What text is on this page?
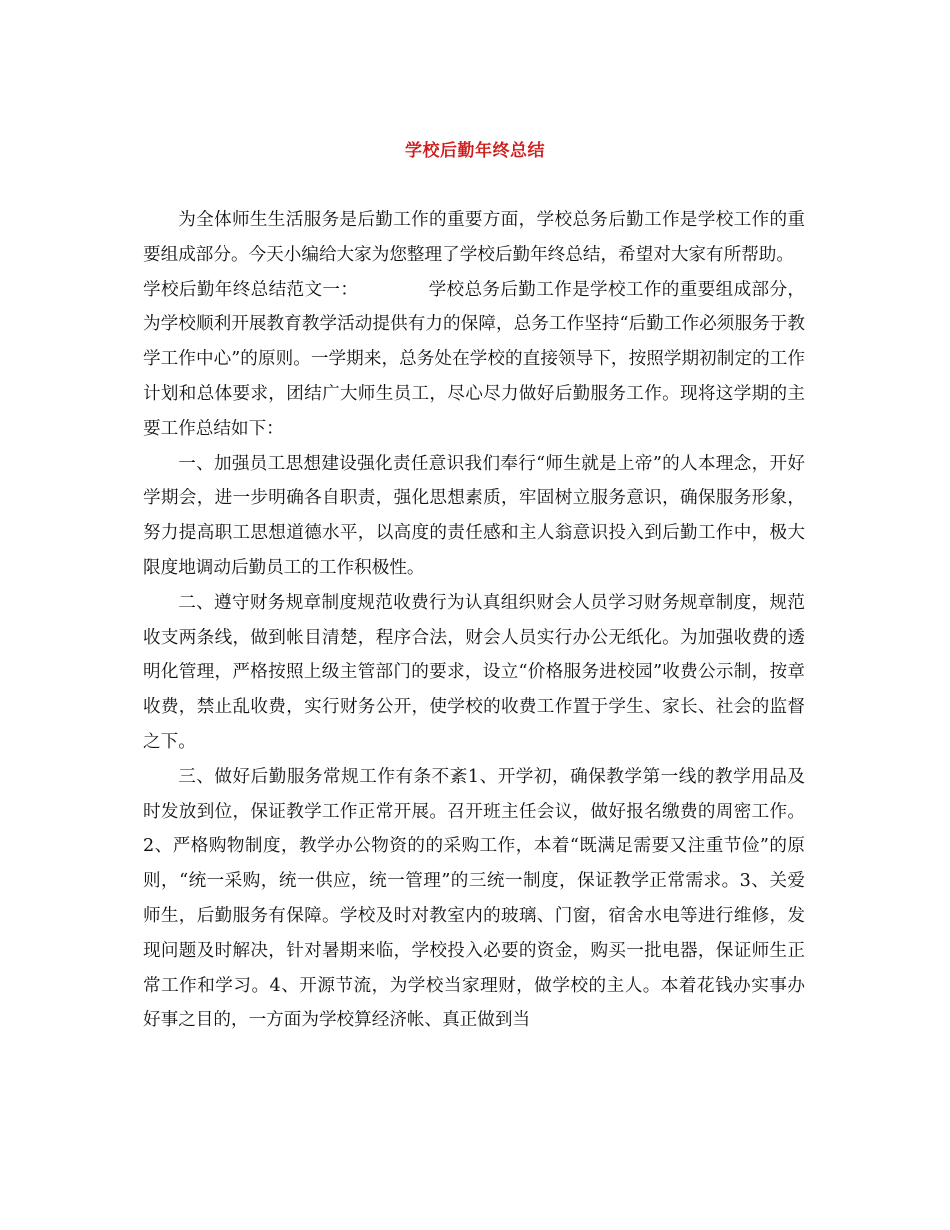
学校后勤年终总结

为全体师生生活服务是后勤工作的重要方面，学校总务后勤工作是学校工作的重要组成部分。今天小编给大家为您整理了学校后勤年终总结，希望对大家有所帮助。

学校后勤年终总结范文一：	学校总务后勤工作是学校工作的重要组成部分，为学校顺利开展教育教学活动提供有力的保障，总务工作坚持“后勤工作必须服务于教学工作中心”的原则。一学期来，总务处在学校的直接领导下，按照学期初制定的工作计划和总体要求，团结广大师生员工，尽心尽力做好后勤服务工作。现将这学期的主要工作总结如下：

一、加强员工思想建设强化责任意识我们奉行“师生就是上帝”的人本理念，开好学期会，进一步明确各自职责，强化思想素质，牢固树立服务意识，确保服务形象，努力提高职工思想道德水平，以高度的责任感和主人翁意识投入到后勤工作中，极大限度地调动后勤员工的工作积极性。

二、遵守财务规章制度规范收费行为认真组织财会人员学习财务规章制度，规范收支两条线，做到帐目清楚，程序合法，财会人员实行办公无纸化。为加强收费的透明化管理，严格按照上级主管部门的要求，设立“价格服务进校园”收费公示制，按章收费，禁止乱收费，实行财务公开，使学校的收费工作置于学生、家长、社会的监督之下。

三、做好后勤服务常规工作有条不紊1、开学初，确保教学第一线的教学用品及时发放到位，保证教学工作正常开展。召开班主任会议，做好报名缴费的周密工作。2、严格购物制度，教学办公物资的的采购工作，本着“既满足需要又注重节俭”的原则，“统一采购，统一供应，统一管理”的三统一制度，保证教学正常需求。3、关爱师生，后勤服务有保障。学校及时对教室内的玻璃、门窗，宿舍水电等进行维修，发现问题及时解决，针对暑期来临，学校投入必要的资金，购买一批电器，保证师生正常工作和学习。4、开源节流，为学校当家理财，做学校的主人。本着花钱办实事办好事之目的，一方面为学校算经济帐、真正做到当
